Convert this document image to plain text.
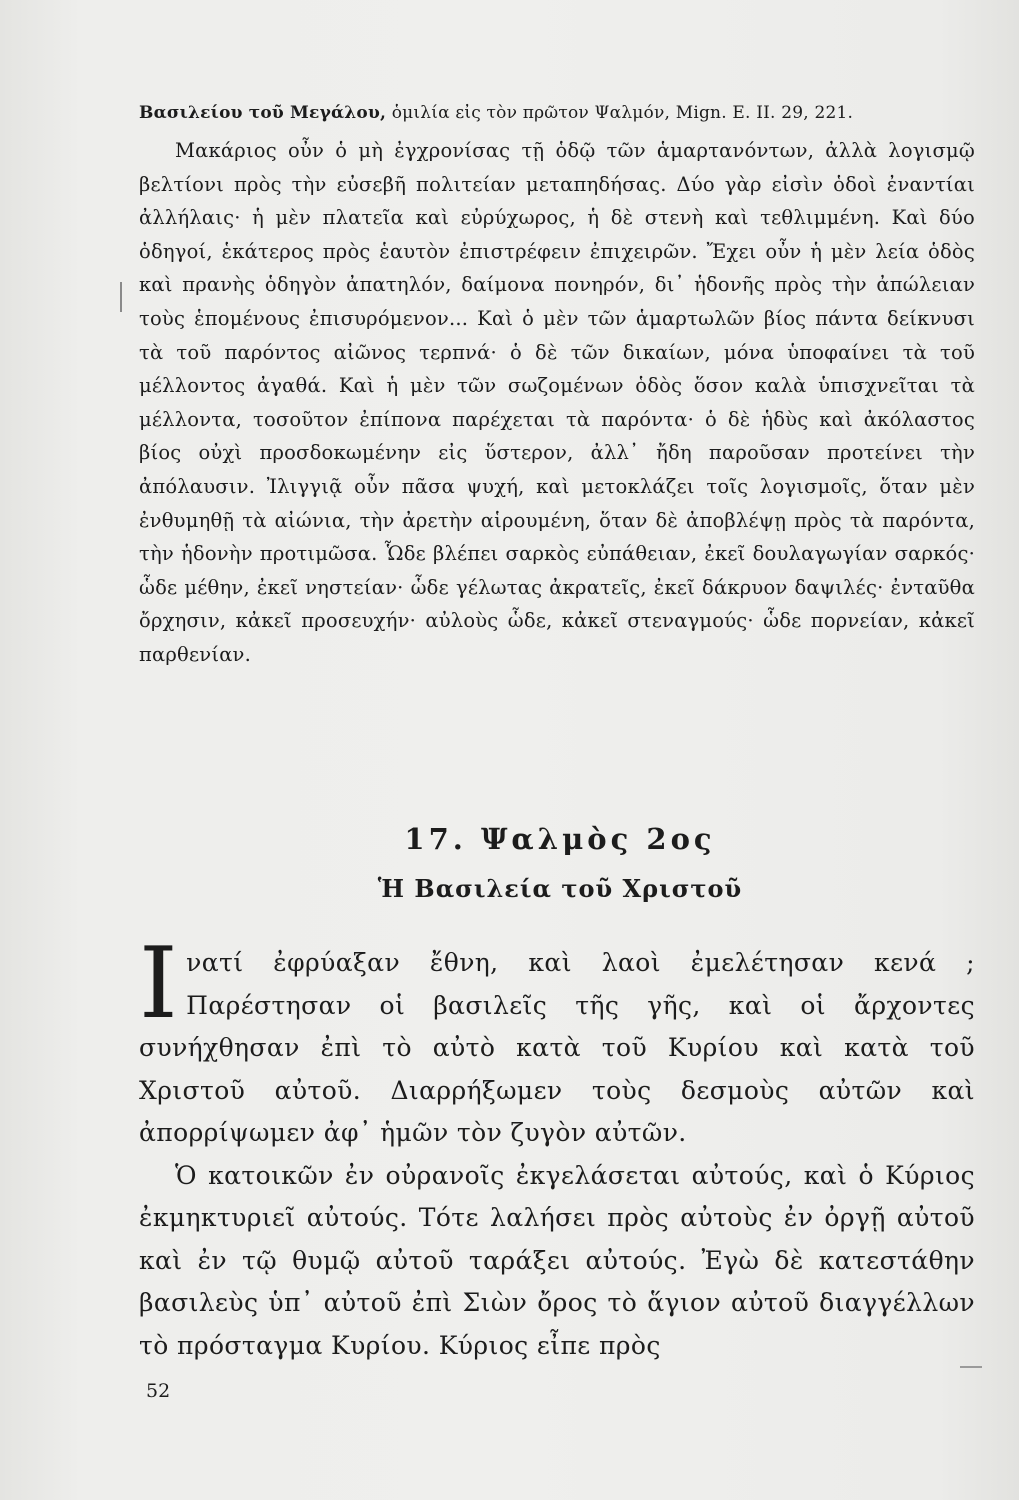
Βασιλείου τοῦ Μεγάλου, ὁμιλία εἰς τὸν πρῶτον Ψαλμόν, Mign. E. II. 29, 221.

Μακάριος οὖν ὁ μὴ ἐγχρονίσας τῇ ὁδῷ τῶν ἁμαρτανόντων, ἀλλὰ λογισμῷ βελτίονι πρὸς τὴν εὐσεβῆ πολιτείαν μεταπηδήσας. Δύο γὰρ εἰσὶν ὁδοὶ ἐναντίαι ἀλλήλαις· ἡ μὲν πλατεῖα καὶ εὐρύχωρος, ἡ δὲ στενὴ καὶ τεθλιμμένη. Καὶ δύο ὁδηγοί, ἑκάτερος πρὸς ἑαυτὸν ἐπιστρέφειν ἐπιχειρῶν. Ἔχει οὖν ἡ μὲν λεία ὁδὸς καὶ πρανὴς ὁδηγὸν ἀπατηλόν, δαίμονα πονηρόν, δι᾽ ἡδονῆς πρὸς τὴν ἀπώλειαν τοὺς ἑπομένους ἐπισυρόμενον... Καὶ ὁ μὲν τῶν ἁμαρτωλῶν βίος πάντα δείκνυσι τὰ τοῦ παρόντος αἰῶνος τερπνά· ὁ δὲ τῶν δικαίων, μόνα ὑποφαίνει τὰ τοῦ μέλλοντος ἀγαθά. Καὶ ἡ μὲν τῶν σωζομένων ὁδὸς ὅσον καλὰ ὑπισχνεῖται τὰ μέλλοντα, τοσοῦτον ἐπίπονα παρέχεται τὰ παρόντα· ὁ δὲ ἡδὺς καὶ ἀκόλαστος βίος οὐχὶ προσδοκωμένην εἰς ὕστερον, ἀλλ᾽ ἤδη παροῦσαν προτείνει τὴν ἀπόλαυσιν. Ἰλιγγιᾷ οὖν πᾶσα ψυχή, καὶ μετοκλάζει τοῖς λογισμοῖς, ὅταν μὲν ἐνθυμηθῇ τὰ αἰώνια, τὴν ἀρετὴν αἱρουμένη, ὅταν δὲ ἀποβλέψῃ πρὸς τὰ παρόντα, τὴν ἡδονὴν προτιμῶσα. Ὧδε βλέπει σαρκὸς εὐπάθειαν, ἐκεῖ δουλαγωγίαν σαρκός· ὧδε μέθην, ἐκεῖ νηστείαν· ὧδε γέλωτας ἀκρατεῖς, ἐκεῖ δάκρυον δαψιλές· ἐνταῦθα ὄρχησιν, κἀκεῖ προσευχήν· αὐλοὺς ὧδε, κἀκεῖ στεναγμούς· ὧδε πορνείαν, κἀκεῖ παρθενίαν.

17. Ψαλμὸς 2ος
Ἡ Βασιλεία τοῦ Χριστοῦ

Ινατί ἐφρύαξαν ἔθνη, καὶ λαοὶ ἐμελέτησαν κενά ; Παρέστησαν οἱ βασιλεῖς τῆς γῆς, καὶ οἱ ἄρχοντες συνήχθησαν ἐπὶ τὸ αὐτὸ κατὰ τοῦ Κυρίου καὶ κατὰ τοῦ Χριστοῦ αὐτοῦ. Διαρρήξωμεν τοὺς δεσμοὺς αὐτῶν καὶ ἀπορρίψωμεν ἀφ᾽ ἡμῶν τὸν ζυγὸν αὐτῶν.

Ὁ κατοικῶν ἐν οὐρανοῖς ἐκγελάσεται αὐτούς, καὶ ὁ Κύριος ἐκμηκτυριεῖ αὐτούς. Τότε λαλήσει πρὸς αὐτοὺς ἐν ὀργῇ αὐτοῦ καὶ ἐν τῷ θυμῷ αὐτοῦ ταράξει αὐτούς. Ἐγὼ δὲ κατεστάθην βασιλεὺς ὑπ᾽ αὐτοῦ ἐπὶ Σιὼν ὄρος τὸ ἅγιον αὐτοῦ διαγγέλλων τὸ πρόσταγμα Κυρίου. Κύριος εἶπε πρὸς

52
